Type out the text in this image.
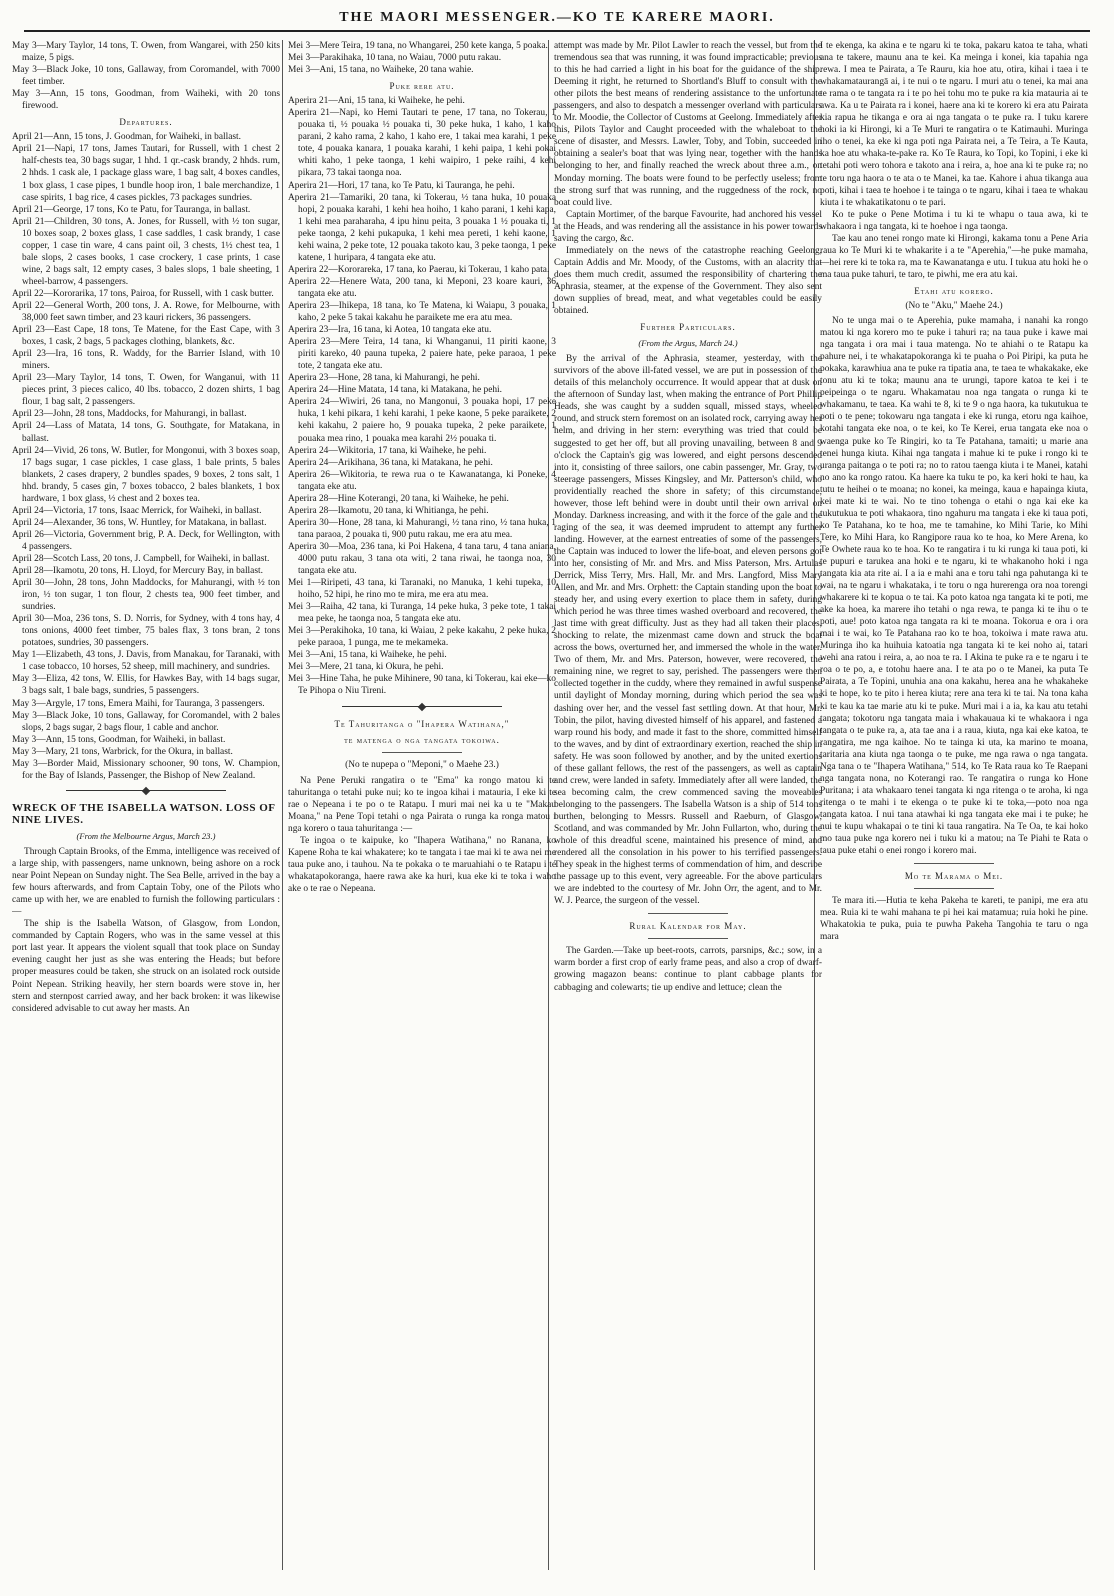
THE MAORI MESSENGER.—KO TE KARERE MAORI.
May 3—Mary Taylor, 14 tons, T. Owen, from Wangarei, with 250 kits maize, 5 pigs.
May 3—Black Joke, 10 tons, Gallaway, from Coromandel, with 7000 feet timber.
May 3—Ann, 15 tons, Goodman, from Waiheki, with 20 tons firewood.
Departures.
April 21—Ann, 15 tons, J. Goodman, for Waiheki, in ballast.
April 21—Napi, 17 tons, James Tautari, for Russell, with 1 chest 2 half-chests tea, 30 bags sugar, 1 hhd. 1 qr.-cask brandy, 2 hhds. rum, 2 hhds. 1 cask ale, 1 package glass ware, 1 bag salt, 4 boxes candles, 1 box glass, 1 case pipes, 1 bundle hoop iron, 1 bale merchandize, 1 case spirits, 1 bag rice, 4 cases pickles, 73 packages sundries.
April 21—George, 17 tons, Ko te Patu, for Tauranga, in ballast.
April 21—Children, 30 tons, A. Jones, for Russell, with ½ ton sugar, 10 boxes soap, 2 boxes glass, 1 case saddles, 1 cask brandy, 1 case copper, 1 case tin ware, 4 cans paint oil, 3 chests, 1½ chest tea, 1 bale slops, 2 cases books, 1 case crockery, 1 case prints, 1 case wine, 2 bags salt, 12 empty cases, 3 bales slops, 1 bale sheeting, 1 wheel-barrow, 4 passengers.
April 22—Kororarika, 17 tons, Pairoa, for Russell, with 1 cask butter.
April 22—General Worth, 200 tons, J. A. Rowe, for Melbourne, with 38,000 feet sawn timber, and 23 kauri rickers, 36 passengers.
April 23—East Cape, 18 tons, Te Matene, for the East Cape, with 3 boxes, 1 cask, 2 bags, 5 packages clothing, blankets, &c.
April 23—Ira, 16 tons, R. Waddy, for the Barrier Island, with 10 miners.
April 23—Mary Taylor, 14 tons, T. Owen, for Wanganui, with 11 pieces print, 3 pieces calico, 40 lbs. tobacco, 2 dozen shirts, 1 bag flour, 1 bag salt, 2 passengers.
April 23—John, 28 tons, Maddocks, for Mahurangi, in ballast.
April 24—Lass of Matata, 14 tons, G. Southgate, for Matakana, in ballast.
April 24—Vivid, 26 tons, W. Butler, for Mongonui, with 3 boxes soap, 17 bags sugar, 1 case pickles, 1 case glass, 1 bale prints, 5 bales blankets, 2 cases drapery, 2 bundles spades, 9 boxes, 2 tons salt, 1 hhd. brandy, 5 cases gin, 7 boxes tobacco, 2 bales blankets, 1 box hardware, 1 box glass, ½ chest and 2 boxes tea.
April 24—Victoria, 17 tons, Isaac Merrick, for Waiheki, in ballast.
April 24—Alexander, 36 tons, W. Huntley, for Matakana, in ballast.
April 26—Victoria, Government brig, P. A. Deck, for Wellington, with 4 passengers.
April 28—Scotch Lass, 20 tons, J. Campbell, for Waiheki, in ballast.
April 28—Ikamotu, 20 tons, H. Lloyd, for Mercury Bay, in ballast.
April 30—John, 28 tons, John Maddocks, for Mahurangi, with ½ ton iron, ½ ton sugar, 1 ton flour, 2 chests tea, 900 feet timber, and sundries.
April 30—Moa, 236 tons, S. D. Norris, for Sydney, with 4 tons hay, 4 tons onions, 4000 feet timber, 75 bales flax, 3 tons bran, 2 tons potatoes, sundries, 30 passengers.
May 1—Elizabeth, 43 tons, J. Davis, from Manakau, for Taranaki, with 1 case tobacco, 10 horses, 52 sheep, mill machinery, and sundries.
May 3—Eliza, 42 tons, W. Ellis, for Hawkes Bay, with 14 bags sugar, 3 bags salt, 1 bale bags, sundries, 5 passengers.
May 3—Argyle, 17 tons, Emera Maihi, for Tauranga, 3 passengers.
May 3—Black Joke, 10 tons, Gallaway, for Coromandel, with 2 bales slops, 2 bags sugar, 2 bags flour, 1 cable and anchor.
May 3—Ann, 15 tons, Goodman, for Waiheki, in ballast.
May 3—Mary, 21 tons, Warbrick, for the Okura, in ballast.
May 3—Border Maid, Missionary schooner, 90 tons, W. Champion, for the Bay of Islands, Passenger, the Bishop of New Zealand.
WRECK OF THE ISABELLA WATSON. LOSS OF NINE LIVES.
(From the Melbourne Argus, March 23.)
Through Captain Brooks, of the Emma, intelligence was received of a large ship, with passengers, name unknown, being ashore on a rock near Point Nepean on Sunday night. The Sea Belle, arrived in the bay a few hours afterwards, and from Captain Toby, one of the Pilots who came up with her, we are enabled to furnish the following particulars :—
The ship is the Isabella Watson, of Glasgow, from London, commanded by Captain Rogers, who was in the same vessel at this port last year. It appears the violent squall that took place on Sunday evening caught her just as she was entering the Heads; but before proper measures could be taken, she struck on an isolated rock outside Point Nepean. Striking heavily, her stern boards were stove in, her stern and sternpost carried away, and her back broken: it was likewise considered advisable to cut away her masts. An
Mei 3—Mere Teira, 19 tana, no Whangarei, 250 kete kanga, 5 poaka.
Mei 3—Parakihaka, 10 tana, no Waiau, 7000 putu rakau.
Mei 3—Ani, 15 tana, no Waiheke, 20 tana wahie.
Puke rere atu.
Aperira 21—Ani, 15 tana, ki Waiheke, he pehi.
Aperira 21—Napi, ko Hemi Tautari te pene, 17 tana, no Tokerau, 1 pouaka ti, ½ pouaka ½ pouaka ti, 30 peke huka, 1 kaho, 1 kaho parani, 2 kaho rama, 2 kaho, 1 kaho ere, 1 takai mea karahi, 1 peke tote, 4 pouaka kanara, 1 pouaka karahi, 1 kehi paipa, 1 kehi pokai whiti kaho, 1 peke taonga, 1 kehi waipiro, 1 peke raihi, 4 kehi pikara, 73 takai taonga noa.
Aperira 21—Hori, 17 tana, ko Te Patu, ki Tauranga, he pehi.
Aperira 21—Tamariki, 20 tana, ki Tokerau, ½ tana huka, 10 pouaka hopi, 2 pouaka karahi, 1 kehi hea hoiho, 1 kaho parani, 1 kehi kapa, 1 kehi mea paraharaha, 4 ipu hinu peita, 3 pouaka 1 ½ pouaka ti, 1 peke taonga, 2 kehi pukapuka, 1 kehi mea pereti, 1 kehi kaone, 1 kehi waina, 2 peke tote, 12 pouaka takoto kau, 3 peke taonga, 1 peke katene, 1 huripara, 4 tangata eke atu.
Aperira 22—Kororareka, 17 tana, ko Paerau, ki Tokerau, 1 kaho pata.
Aperira 22—Henere Wata, 200 tana, ki Meponi, 23 koare kauri, 36 tangata eke atu.
Aperira 23—Ihikepa, 18 tana, ko Te Matena, ki Waiapu, 3 pouaka, 1 kaho, 2 peke 5 takai kakahu he paraikete me era atu mea.
Aperira 23—Ira, 16 tana, ki Aotea, 10 tangata eke atu.
Aperira 23—Mere Teira, 14 tana, ki Whanganui, 11 piriti kaone, 3 piriti kareko, 40 pauna tupeka, 2 paiere hate, peke paraoa, 1 peke tote, 2 tangata eke atu.
Aperira 23—Hone, 28 tana, ki Mahurangi, he pehi.
Aperira 24—Hine Matata, 14 tana, ki Matakana, he pehi.
Aperira 24—Wiwiri, 26 tana, no Mangonui, 3 pouaka hopi, 17 peke huka, 1 kehi pikara, 1 kehi karahi, 1 peke kaone, 5 peke paraikete, 2 kehi kakahu, 2 paiere ho, 9 pouaka tupeka, 2 peke paraikete, 1 pouaka mea rino, 1 pouaka mea karahi 2½ pouaka ti.
Aperira 24—Wikitoria, 17 tana, ki Waiheke, he pehi.
Aperira 24—Arikihana, 36 tana, ki Matakana, he pehi.
Aperira 26—Wikitoria, te rewa rua o te Kawanatanga, ki Poneke, 4 tangata eke atu.
Aperira 28—Hine Koterangi, 20 tana, ki Waiheke, he pehi.
Aperira 28—Ikamotu, 20 tana, ki Whitianga, he pehi.
Aperira 30—Hone, 28 tana, ki Mahurangi, ½ tana rino, ½ tana huka, 1 tana paraoa, 2 pouaka ti, 900 putu rakau, me era atu mea.
Aperira 30—Moa, 236 tana, ki Poi Hakena, 4 tana taru, 4 tana aniana, 4000 putu rakau, 3 tana ota witi, 2 tana riwai, he taonga noa, 30 tangata eke atu.
Mei 1—Riripeti, 43 tana, ki Taranaki, no Manuka, 1 kehi tupeka, 10 hoiho, 52 hipi, he rino mo te mira, me era atu mea.
Mei 3—Raiha, 42 tana, ki Turanga, 14 peke huka, 3 peke tote, 1 takai mea peke, he taonga noa, 5 tangata eke atu.
Mei 3—Perakihoka, 10 tana, ki Waiau, 2 peke kakahu, 2 peke huka, 2 peke paraoa, 1 punga, me te mekameka.
Mei 3—Ani, 15 tana, ki Waiheke, he pehi.
Mei 3—Mere, 21 tana, ki Okura, he pehi.
Mei 3—Hine Taha, he puke Mihinere, 90 tana, ki Tokerau, kai eke—ko Te Pihopa o Niu Tireni.
Te Tahuritanga o "Ihapera Watihana,"
te matenga o nga tangata tokoiwa.
(No te nupepa o "Meponi," o Maehe 23.)
Na Pene Peruki rangatira o te "Ema" ka rongo matou ki te tahuritanga o tetahi puke nui; ko te ingoa kihai i matauria, I eke ki te rae o Nepeana i te po o te Ratapu. I muri mai nei ka u te "Makau Moana," na Pene Topi tetahi o nga Pairata o runga ka ronga matou i nga korero o taua tahuritanga :—
Te ingoa o te kaipuke, ko "Ihapera Watihana," no Ranana, ko Kapene Roha te kai whakatere; ko te tangata i tae mai ki te awa nei me taua puke ano, i tauhou. Na te pokaka o te maruahiahi o te Ratapu i te whakatapokoranga, haere rawa ake ka huri, kua eke ki te toka i waho ake o te rae o Nepeana.
attempt was made by Mr. Pilot Lawler to reach the vessel, but from the tremendous sea that was running, it was found impracticable; previous to this he had carried a light in his boat for the guidance of the ship. Deeming it right, he returned to Shortland's Bluff to consult with the other pilots the best means of rendering assistance to the unfortunate passengers, and also to despatch a messenger overland with particulars to Mr. Moodie, the Collector of Customs at Geelong. Immediately after this, Pilots Taylor and Caught proceeded with the whaleboat to the scene of disaster, and Messrs. Lawler, Toby, and Tobin, succeeded in obtaining a sealer's boat that was lying near, together with the hands belonging to her, and finally reached the wreck about three a.m., on Monday morning. The boats were found to be perfectly useless; from the strong surf that was running, and the ruggedness of the rock, no boat could live.
Captain Mortimer, of the barque Favourite, had anchored his vessel at the Heads, and was rendering all the assistance in his power towards saving the cargo, &c.
Immediately on the news of the catastrophe reaching Geelong, Captain Addis and Mr. Moody, of the Customs, with an alacrity that does them much credit, assumed the responsibility of chartering the Aphrasia, steamer, at the expense of the Government. They also sent down supplies of bread, meat, and what vegetables could be easily obtained.
Further Particulars.
(From the Argus, March 24.)
By the arrival of the Aphrasia, steamer, yesterday, with the survivors of the above ill-fated vessel, we are put in possession of the details of this melancholy occurrence. It would appear that at dusk on the afternoon of Sunday last, when making the entrance of Port Phillip Heads, she was caught by a sudden squall, missed stays, wheeled round, and struck stern foremost on an isolated rock, carrying away her helm, and driving in her stern: everything was tried that could be suggested to get her off, but all proving unavailing, between 8 and 9 o'clock the Captain's gig was lowered, and eight persons descended into it, consisting of three sailors, one cabin passenger, Mr. Gray, two steerage passengers, Misses Kingsley, and Mr. Patterson's child, who providentially reached the shore in safety; of this circumstance, however, those left behind were in doubt until their own arrival on Monday. Darkness increasing, and with it the force of the gale and the raging of the sea, it was deemed imprudent to attempt any further landing. However, at the earnest entreaties of some of the passengers, the Captain was induced to lower the life-boat, and eleven persons got into her, consisting of Mr. and Mrs. and Miss Paterson, Mrs. Artulas Derrick, Miss Terry, Mrs. Hall, Mr. and Mrs. Langford, Miss Mary Allen, and Mr. and Mrs. Orphett: the Captain standing upon the boat to steady her, and using every exertion to place them in safety, during which period he was three times washed overboard and recovered, the last time with great difficulty. Just as they had all taken their places, shocking to relate, the mizenmast came down and struck the boat across the bows, overturned her, and immersed the whole in the water. Two of them, Mr. and Mrs. Paterson, however, were recovered, the remaining nine, we regret to say, perished. The passengers were then collected together in the cuddy, where they remained in awful suspense until daylight of Monday morning, during which period the sea was dashing over her, and the vessel fast settling down. At that hour, Mr. Tobin, the pilot, having divested himself of his apparel, and fastened a warp round his body, and made it fast to the shore, committed himself to the waves, and by dint of extraordinary exertion, reached the ship in safety. He was soon followed by another, and by the united exertions of these gallant fellows, the rest of the passengers, as well as captain and crew, were landed in safety. Immediately after all were landed, the sea becoming calm, the crew commenced saving the moveables belonging to the passengers. The Isabella Watson is a ship of 514 tons burthen, belonging to Messrs. Russell and Raeburn, of Glasgow, Scotland, and was commanded by Mr. John Fullarton, who, during the whole of this dreadful scene, maintained his presence of mind, and rendered all the consolation in his power to his terrified passengers. They speak in the highest terms of commendation of him, and describe the passage up to this event, very agreeable. For the above particulars we are indebted to the courtesy of Mr. John Orr, the agent, and to Mr. W. J. Pearce, the surgeon of the vessel.
Rural Kalendar for May.
The Garden.—Take up beet-roots, carrots, parsnips, &c.; sow, in a warm border a first crop of early frame peas, and also a crop of dwarf-growing magazon beans: continue to plant cabbage plants for cabbaging and colewarts; tie up endive and lettuce; clean the
I te ekenga, ka akina e te ngaru ki te toka, pakaru katoa te taha, whati ana te takere, maunu ana te kei. Ka meinga i konei, kia tapahia nga rewa. I mea te Pairata, a Te Rauru, kia hoe atu, otira, kihai i taea i te whakamataurangā ai, i te nui o te ngaru. I muri atu o tenei, ka mai ana te rama o te tangata ra i te po hei tohu mo te puke ra kia matauria ai te awa. Ka u te Pairata ra i konei, haere ana ki te korero ki era atu Pairata kia rapua he tikanga e ora ai nga tangata o te puke ra. I tuku karere hoki ia ki Hirongi, ki a Te Muri te rangatira o te Katimauhi. Muringa iho o tenei, ka eke ki nga poti nga Pairata nei, a Te Teira, a Te Kauta, ka hoe atu whaka-te-pake ra. Ko Te Raura, ko Topi, ko Topini, i eke ki tetahi poti wero tohora e takoto ana i reira, a, hoe ana ki te puke ra; no te toru nga haora o te ata o te Manei, ka tae. Kahore i ahua tikanga aua poti, kihai i taea te hoehoe i te tainga o te ngaru, kihai i taea te whakau kiuta i te whakatikatonu o te pari.
Ko te puke o Pene Motima i tu ki te whapu o taua awa, ki te whakaora i nga tangata, ki te hoehoe i nga taonga.
Tae kau ano tenei rongo mate ki Hirongi, kakama tonu a Pene Aria raua ko Te Muri ki te whakarite i a te "Aperehia,"—he puke mamaha,—hei rere ki te toka ra, ma te Kawanatanga e utu. I tukua atu hoki he o ma taua puke tahuri, te taro, te piwhi, me era atu kai.
Etahi atu korero.
(No te "Aku," Maehe 24.)
No te unga mai o te Aperehia, puke mamaha, i nanahi ka rongo matou ki nga korero mo te puke i tahuri ra; na taua puke i kawe mai nga tangata i ora mai i taua matenga. No te ahiahi o te Ratapu ka pahure nei, i te whakatapokoranga ki te puaha o Poi Piripi, ka puta he pokaka, karawhiua ana te puke ra tipatia ana, te taea te whakakake, eke tonu atu ki te toka; maunu ana te urungi, tapore katoa te kei i te peipeinga o te ngaru. Whakamatau noa nga tangata o runga ki te whakamanu, te taea. Ka wahi te 8, ki te 9 o nga haora, ka tukutukua te poti o te pene; tokowaru nga tangata i eke ki runga, etoru nga kaihoe, kotahi tangata eke noa, o te kei, ko Te Kerei, erua tangata eke noa o waenga puke ko Te Ringiri, ko ta Te Patahana, tamaiti; u marie ana tenei hunga kiuta. Kihai nga tangata i mahue ki te puke i rongo ki te uranga paitanga o te poti ra; no to ratou taenga kiuta i te Manei, katahi no ano ka rongo ratou. Ka haere ka tuku te po, ka keri hoki te hau, ka tutu te heihei o te moana; no konei, ka meinga, kaua e hapainga kiuta, kei mate ki te wai. No te tino tohenga o etahi o nga kai eke ka tukutukua te poti whakaora, tino ngahuru ma tangata i eke ki taua poti, ko Te Patahana, ko te hoa, me te tamahine, ko Mihi Tarie, ko Mihi Tere, ko Mihi Hara, ko Rangipore raua ko te hoa, ko Mere Arena, ko Te Owhete raua ko te hoa. Ko te rangatira i tu ki runga ki taua poti, ki te pupuri e tarukea ana hoki e te ngaru, ki te whakanoho hoki i nga tangata kia ata rite ai. I a ia e mahi ana e toru tahi nga pahutanga ki te wai, na te ngaru i whakataka, i te toru o nga hurerenga ora noa torengi whakarere ki te kopua o te tai. Ka poto katoa nga tangata ki te poti, me ake ka hoea, ka marere iho tetahi o nga rewa, te panga ki te ihu o te poti, aue! poto katoa nga tangata ra ki te moana. Tokorua e ora i ora mai i te wai, ko Te Patahana rao ko te hoa, tokoiwa i mate rawa atu. Muringa iho ka huihuia katoatia nga tangata ki te kei noho ai, tatari wehi ana ratou i reira, a, ao noa te ra. I Akina te puke ra e te ngaru i te roa o te po, a, e totohu haere ana. I te ata po o te Manei, ka puta Te Pairata, a Te Topini, unuhia ana ona kakahu, herea ana he whakaheke ki te hope, ko te pito i herea kiuta; rere ana tera ki te tai. Na tona kaha ki te kau ka tae marie atu ki te puke. Muri mai i a ia, ka kau atu tetahi tangata; tokotoru nga tangata maia i whakauaua ki te whakaora i nga tangata o te puke ra, a, ata tae ana i a raua, kiuta, nga kai eke katoa, te rangatira, me nga kaihoe. No te tainga ki uta, ka marino te moana, taritaria ana kiuta nga taonga o te puke, me nga rawa o nga tangata. Nga tana o te "Ihapera Watihana," 514, ko Te Rata raua ko Te Raepani nga tangata nona, no Koterangi rao. Te rangatira o runga ko Hone Puritana; i ata whakaaro tenei tangata ki nga ritenga o te aroha, ki nga ritenga o te mahi i te ekenga o te puke ki te toka,—poto noa nga tangata katoa. I nui tana atawhai ki nga tangata eke mai i te puke; he nui te kupu whakapai o te tini ki taua rangatira. Na Te Oa, te kai hoko mo taua puke nga korero nei i tuku ki a matou; na Te Piahi te Rata o taua puke etahi o enei rongo i korero mai.
Mo te Marama o Mei.
Te mara iti.—Hutia te keha Pakeha te kareti, te panipi, me era atu mea. Ruia ki te wahi mahana te pi hei kai matamua; ruia hoki he pine. Whakatokia te puka, puia te puwha Pakeha Tangohia te taru o nga mara
